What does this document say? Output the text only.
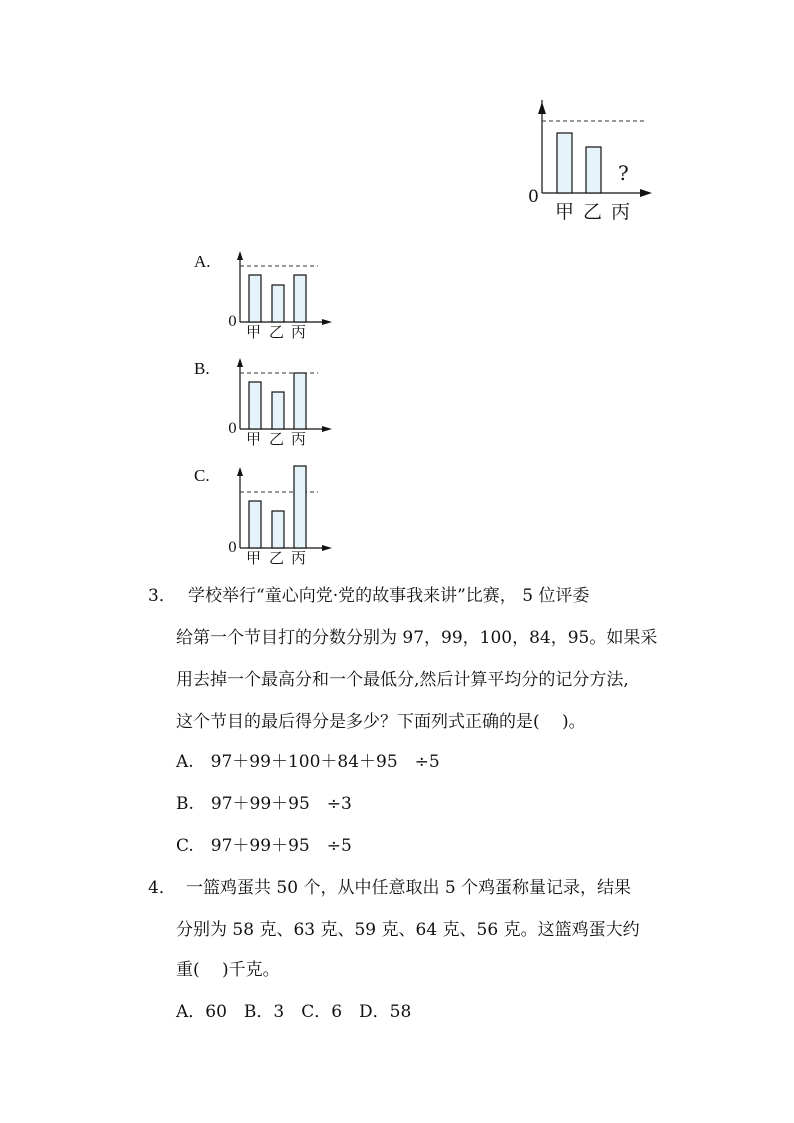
?
0
甲 乙 丙
A.
0
甲 乙 丙
B.
0
甲 乙 丙
C.
0
甲 乙 丙
3． 学校举行“童心向党·党的故事我来讲”比赛， 5 位评委
给第一个节目打的分数分别为 97，99，100，84，95。如果采
用去掉一个最高分和一个最低分,然后计算平均分的记分方法,
这个节目的最后得分是多少？下面列式正确的是(　 )。
A.　97＋99＋100＋84＋95　÷5
B.　97＋99＋95　÷3
C.　97＋99＋95　÷5
4． 一篮鸡蛋共 50 个，从中任意取出 5 个鸡蛋称量记录，结果
分别为 58 克、63 克、59 克、64 克、56 克。这篮鸡蛋大约
重(　 )千克。
A．60　B．3　C．6　D．58
